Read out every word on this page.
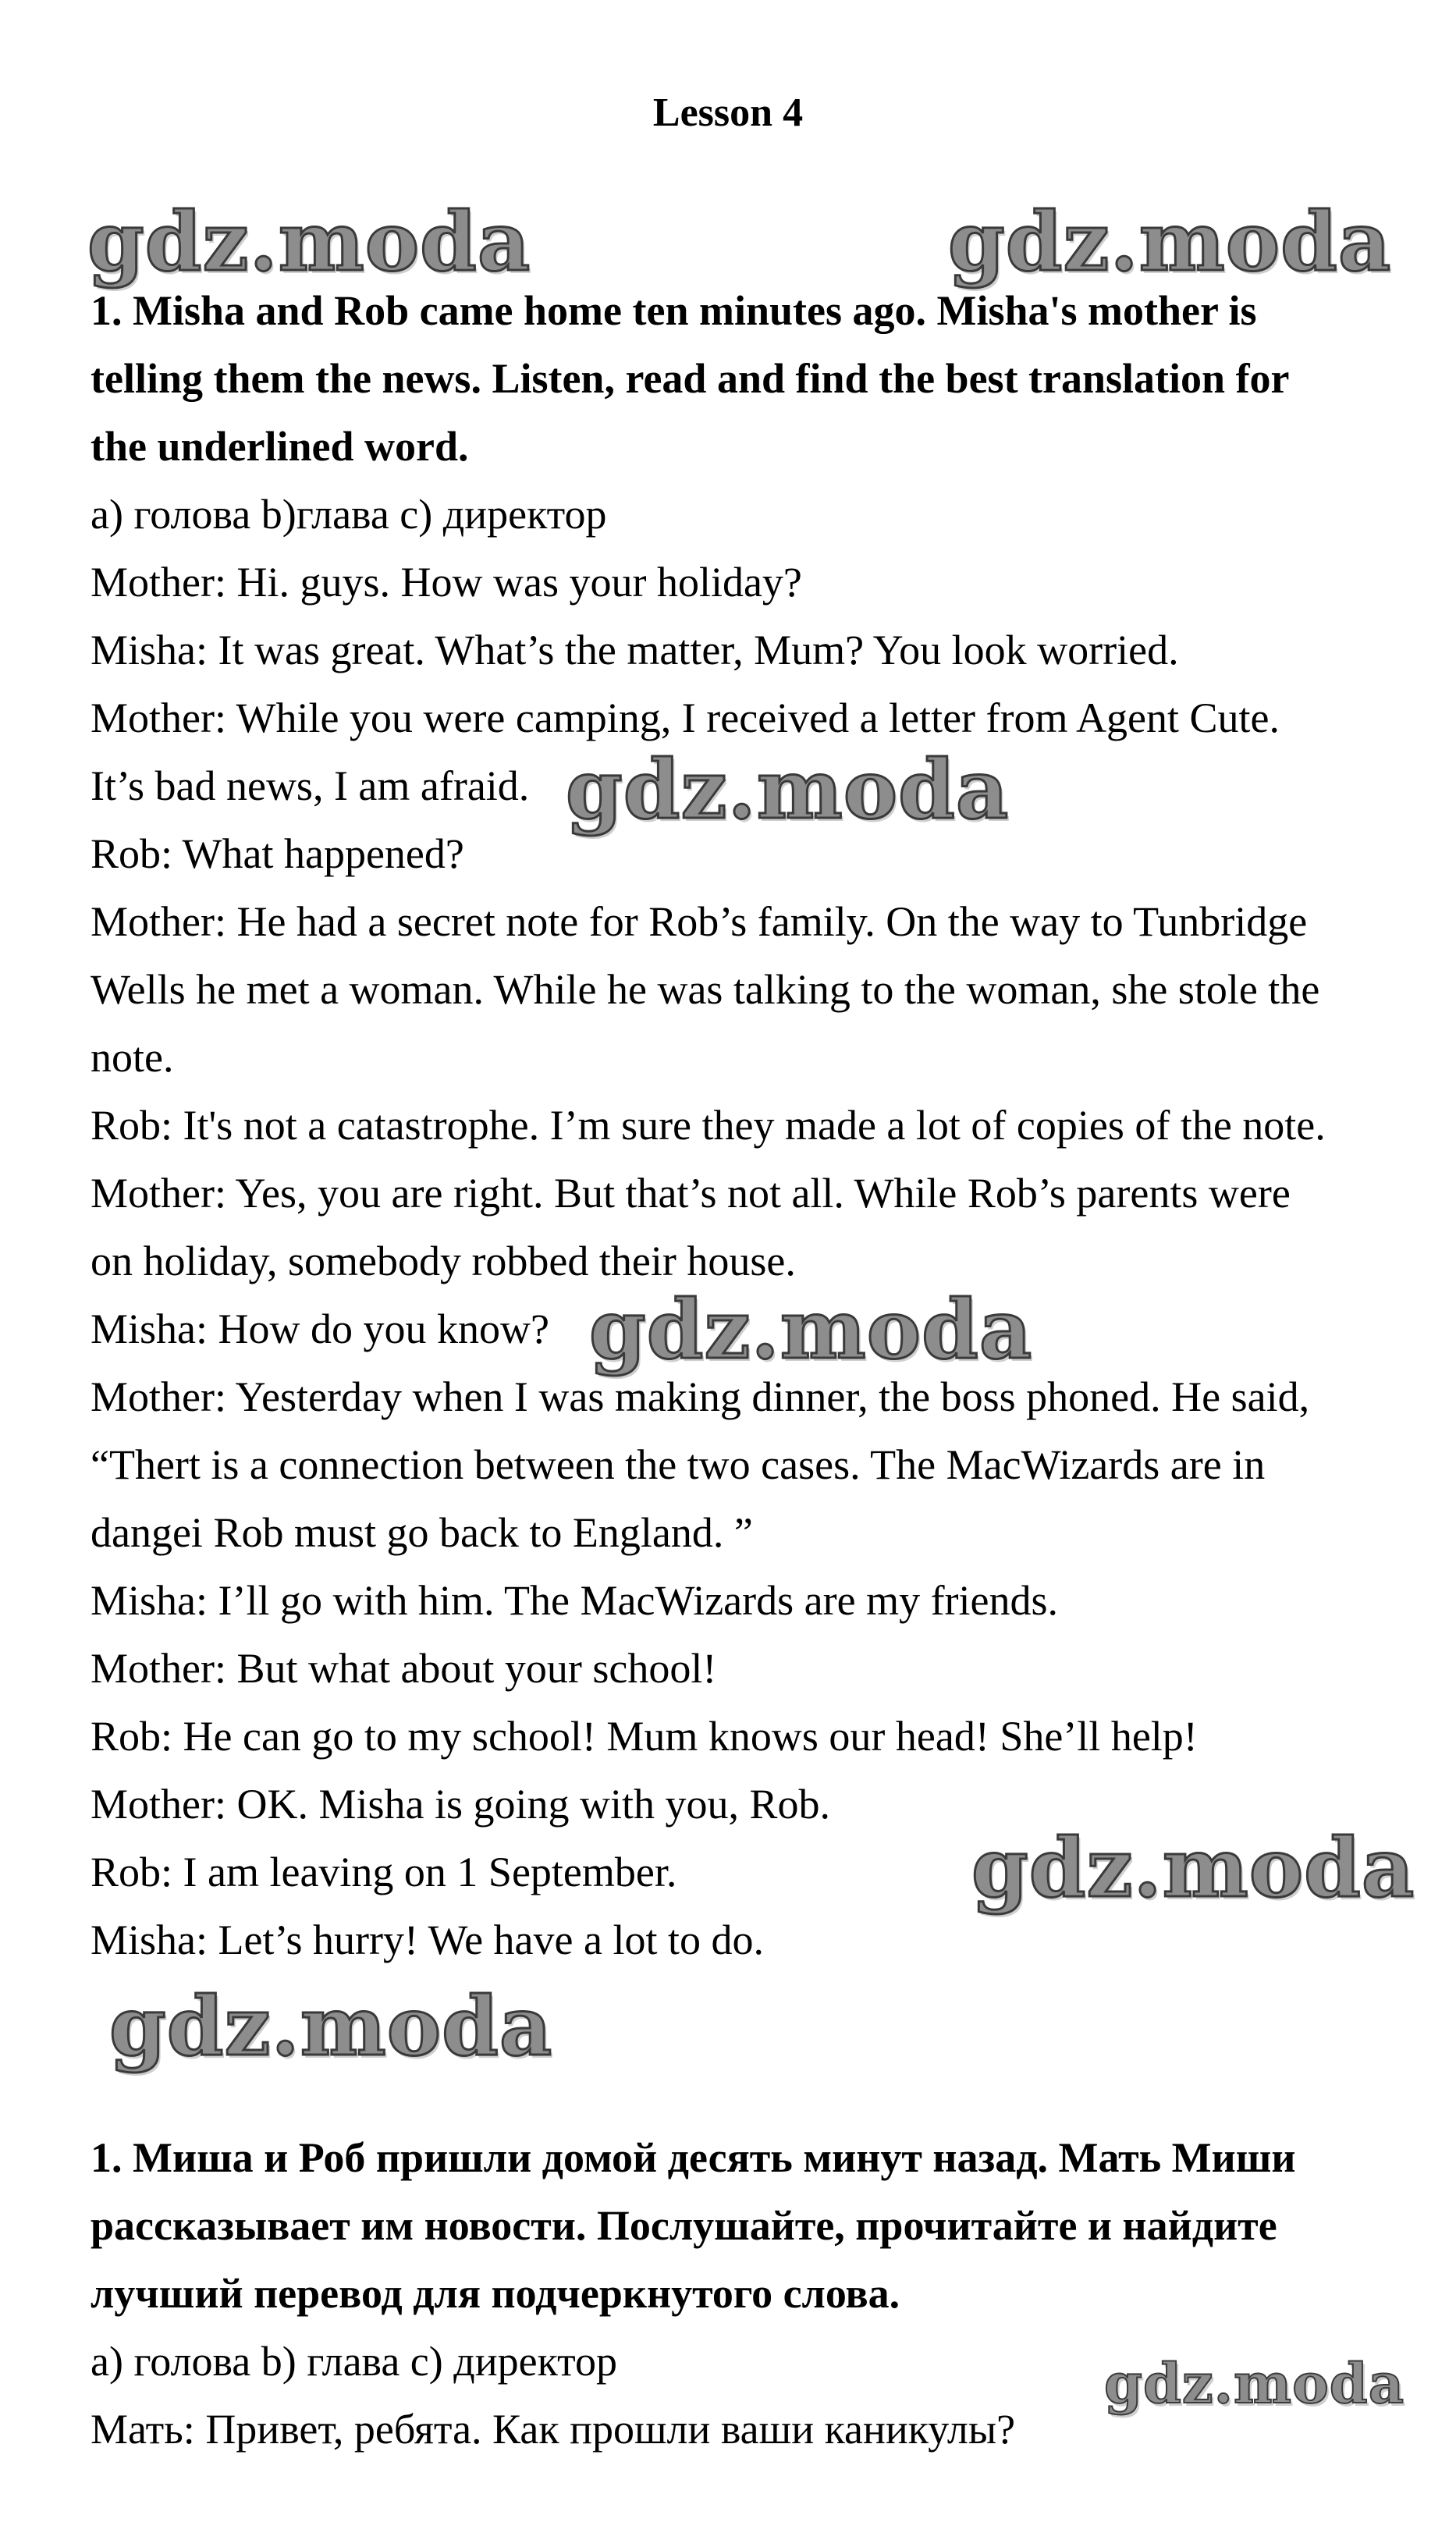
Lesson 4
gdz.moda	gdz.moda
gdz.moda
gdz.moda
gdz.moda
gdz.moda
gdz.moda
1. Misha and Rob came home ten minutes ago. Misha's mother is
telling them the news. Listen, read and find the best translation for
the underlined word.
a) голова b)глава c) директор
Mother: Hi. guys. How was your holiday?
Misha: It was great. What’s the matter, Mum? You look worried.
Mother: While you were camping, I received a letter from Agent Cute.
It’s bad news, I am afraid.
Rob: What happened?
Mother: He had a secret note for Rob’s family. On the way to Tunbridge
Wells he met a woman. While he was talking to the woman, she stole the
note.
Rob: It's not a catastrophe. I’m sure they made a lot of copies of the note.
Mother: Yes, you are right. But that’s not all. While Rob’s parents were
on holiday, somebody robbed their house.
Misha: How do you know?
Mother: Yesterday when I was making dinner, the boss phoned. He said,
“Thert is a connection between the two cases. The MacWizards are in
dangei Rob must go back to England. ”
Misha: I’ll go with him. The MacWizards are my friends.
Mother: But what about your school!
Rob: He can go to my school! Mum knows our head! She’ll help!
Mother: OK. Misha is going with you, Rob.
Rob: I am leaving on 1 September.
Misha: Let’s hurry! We have a lot to do.
1. Миша и Роб пришли домой десять минут назад. Мать Миши
рассказывает им новости. Послушайте, прочитайте и найдите
лучший перевод для подчеркнутого слова.
а) голова b) глава c) директор
Мать: Привет, ребята. Как прошли ваши каникулы?
